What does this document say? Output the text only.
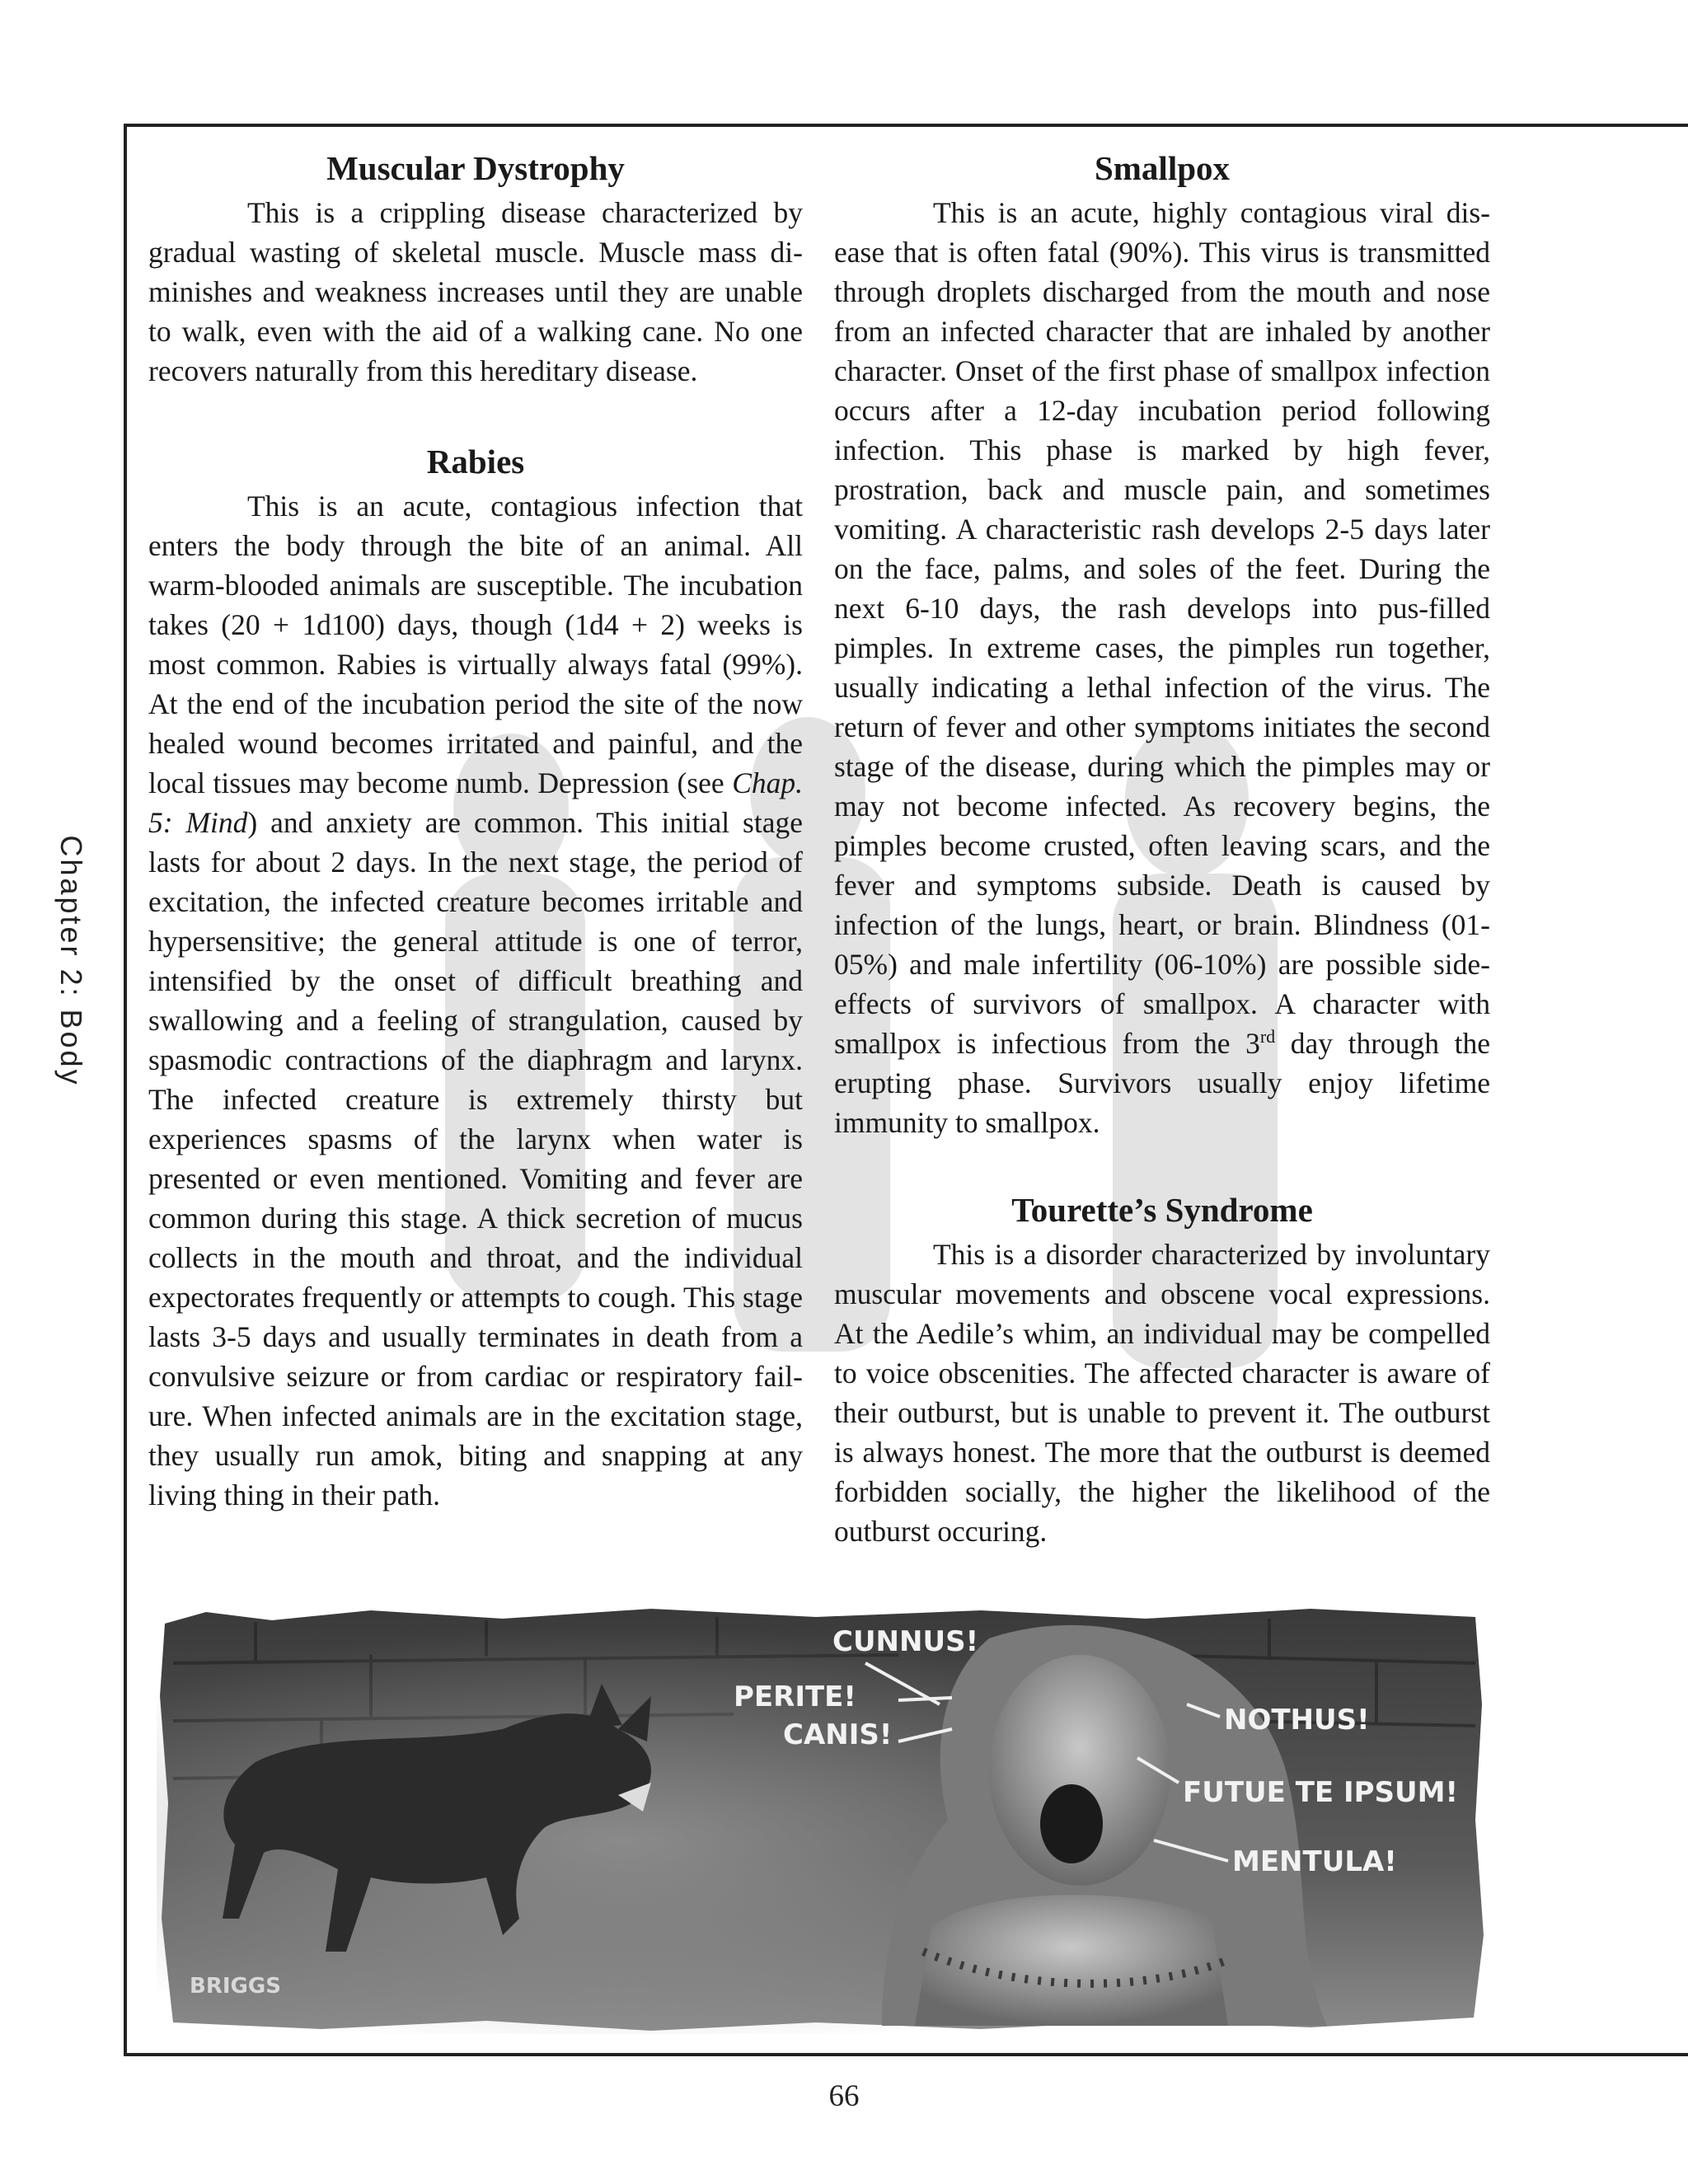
Chapter 2: Body
Muscular Dystrophy

This is a crippling disease characterized by gradual wasting of skeletal muscle. Muscle mass diminishes and weakness increases until they are unable to walk, even with the aid of a walking cane. No one recovers naturally from this hereditary disease.

Rabies

This is an acute, contagious infection that enters the body through the bite of an animal. All warm-blooded animals are susceptible. The incubation takes (20 + 1d100) days, though (1d4 + 2) weeks is most common. Rabies is virtually always fatal (99%). At the end of the incubation period the site of the now healed wound becomes irritated and painful, and the local tissues may become numb. Depression (see Chap. 5: Mind) and anxiety are common. This initial stage lasts for about 2 days. In the next stage, the period of excitation, the infected creature becomes irritable and hypersensitive; the general attitude is one of terror, intensified by the onset of difficult breathing and swallowing and a feeling of strangulation, caused by spasmodic contractions of the diaphragm and larynx. The infected creature is extremely thirsty but experiences spasms of the larynx when water is presented or even mentioned. Vomiting and fever are common during this stage. A thick secretion of mucus collects in the mouth and throat, and the individual expectorates frequently or attempts to cough. This stage lasts 3-5 days and usually terminates in death from a convulsive seizure or from cardiac or respiratory failure. When infected animals are in the excitation stage, they usually run amok, biting and snapping at any living thing in their path.

Smallpox

This is an acute, highly contagious viral disease that is often fatal (90%). This virus is transmitted through droplets discharged from the mouth and nose from an infected character that are inhaled by another character. Onset of the first phase of smallpox infection occurs after a 12-day incubation period following infection. This phase is marked by high fever, prostration, back and muscle pain, and sometimes vomiting. A characteristic rash develops 2-5 days later on the face, palms, and soles of the feet. During the next 6-10 days, the rash develops into pus-filled pimples. In extreme cases, the pimples run together, usually indicating a lethal infection of the virus. The return of fever and other symptoms initiates the second stage of the disease, during which the pimples may or may not become infected. As recovery begins, the pimples become crusted, often leaving scars, and the fever and symptoms subside. Death is caused by infection of the lungs, heart, or brain. Blindness (01-05%) and male infertility (06-10%) are possible side-effects of survivors of smallpox. A character with smallpox is infectious from the 3rd day through the erupting phase. Survivors usually enjoy lifetime immunity to smallpox.

Tourette’s Syndrome

This is a disorder characterized by involuntary muscular movements and obscene vocal expressions. At the Aedile’s whim, an individual may be compelled to voice obscenities. The affected character is aware of their outburst, but is unable to prevent it. The outburst is always honest. The more that the outburst is deemed forbidden socially, the higher the likelihood of the outburst occuring.

CUNNUS!
PERITE!
CANIS!	NOTHUS!
FUTUE TE IPSUM!
MENTULA!
BRIGGS
66
